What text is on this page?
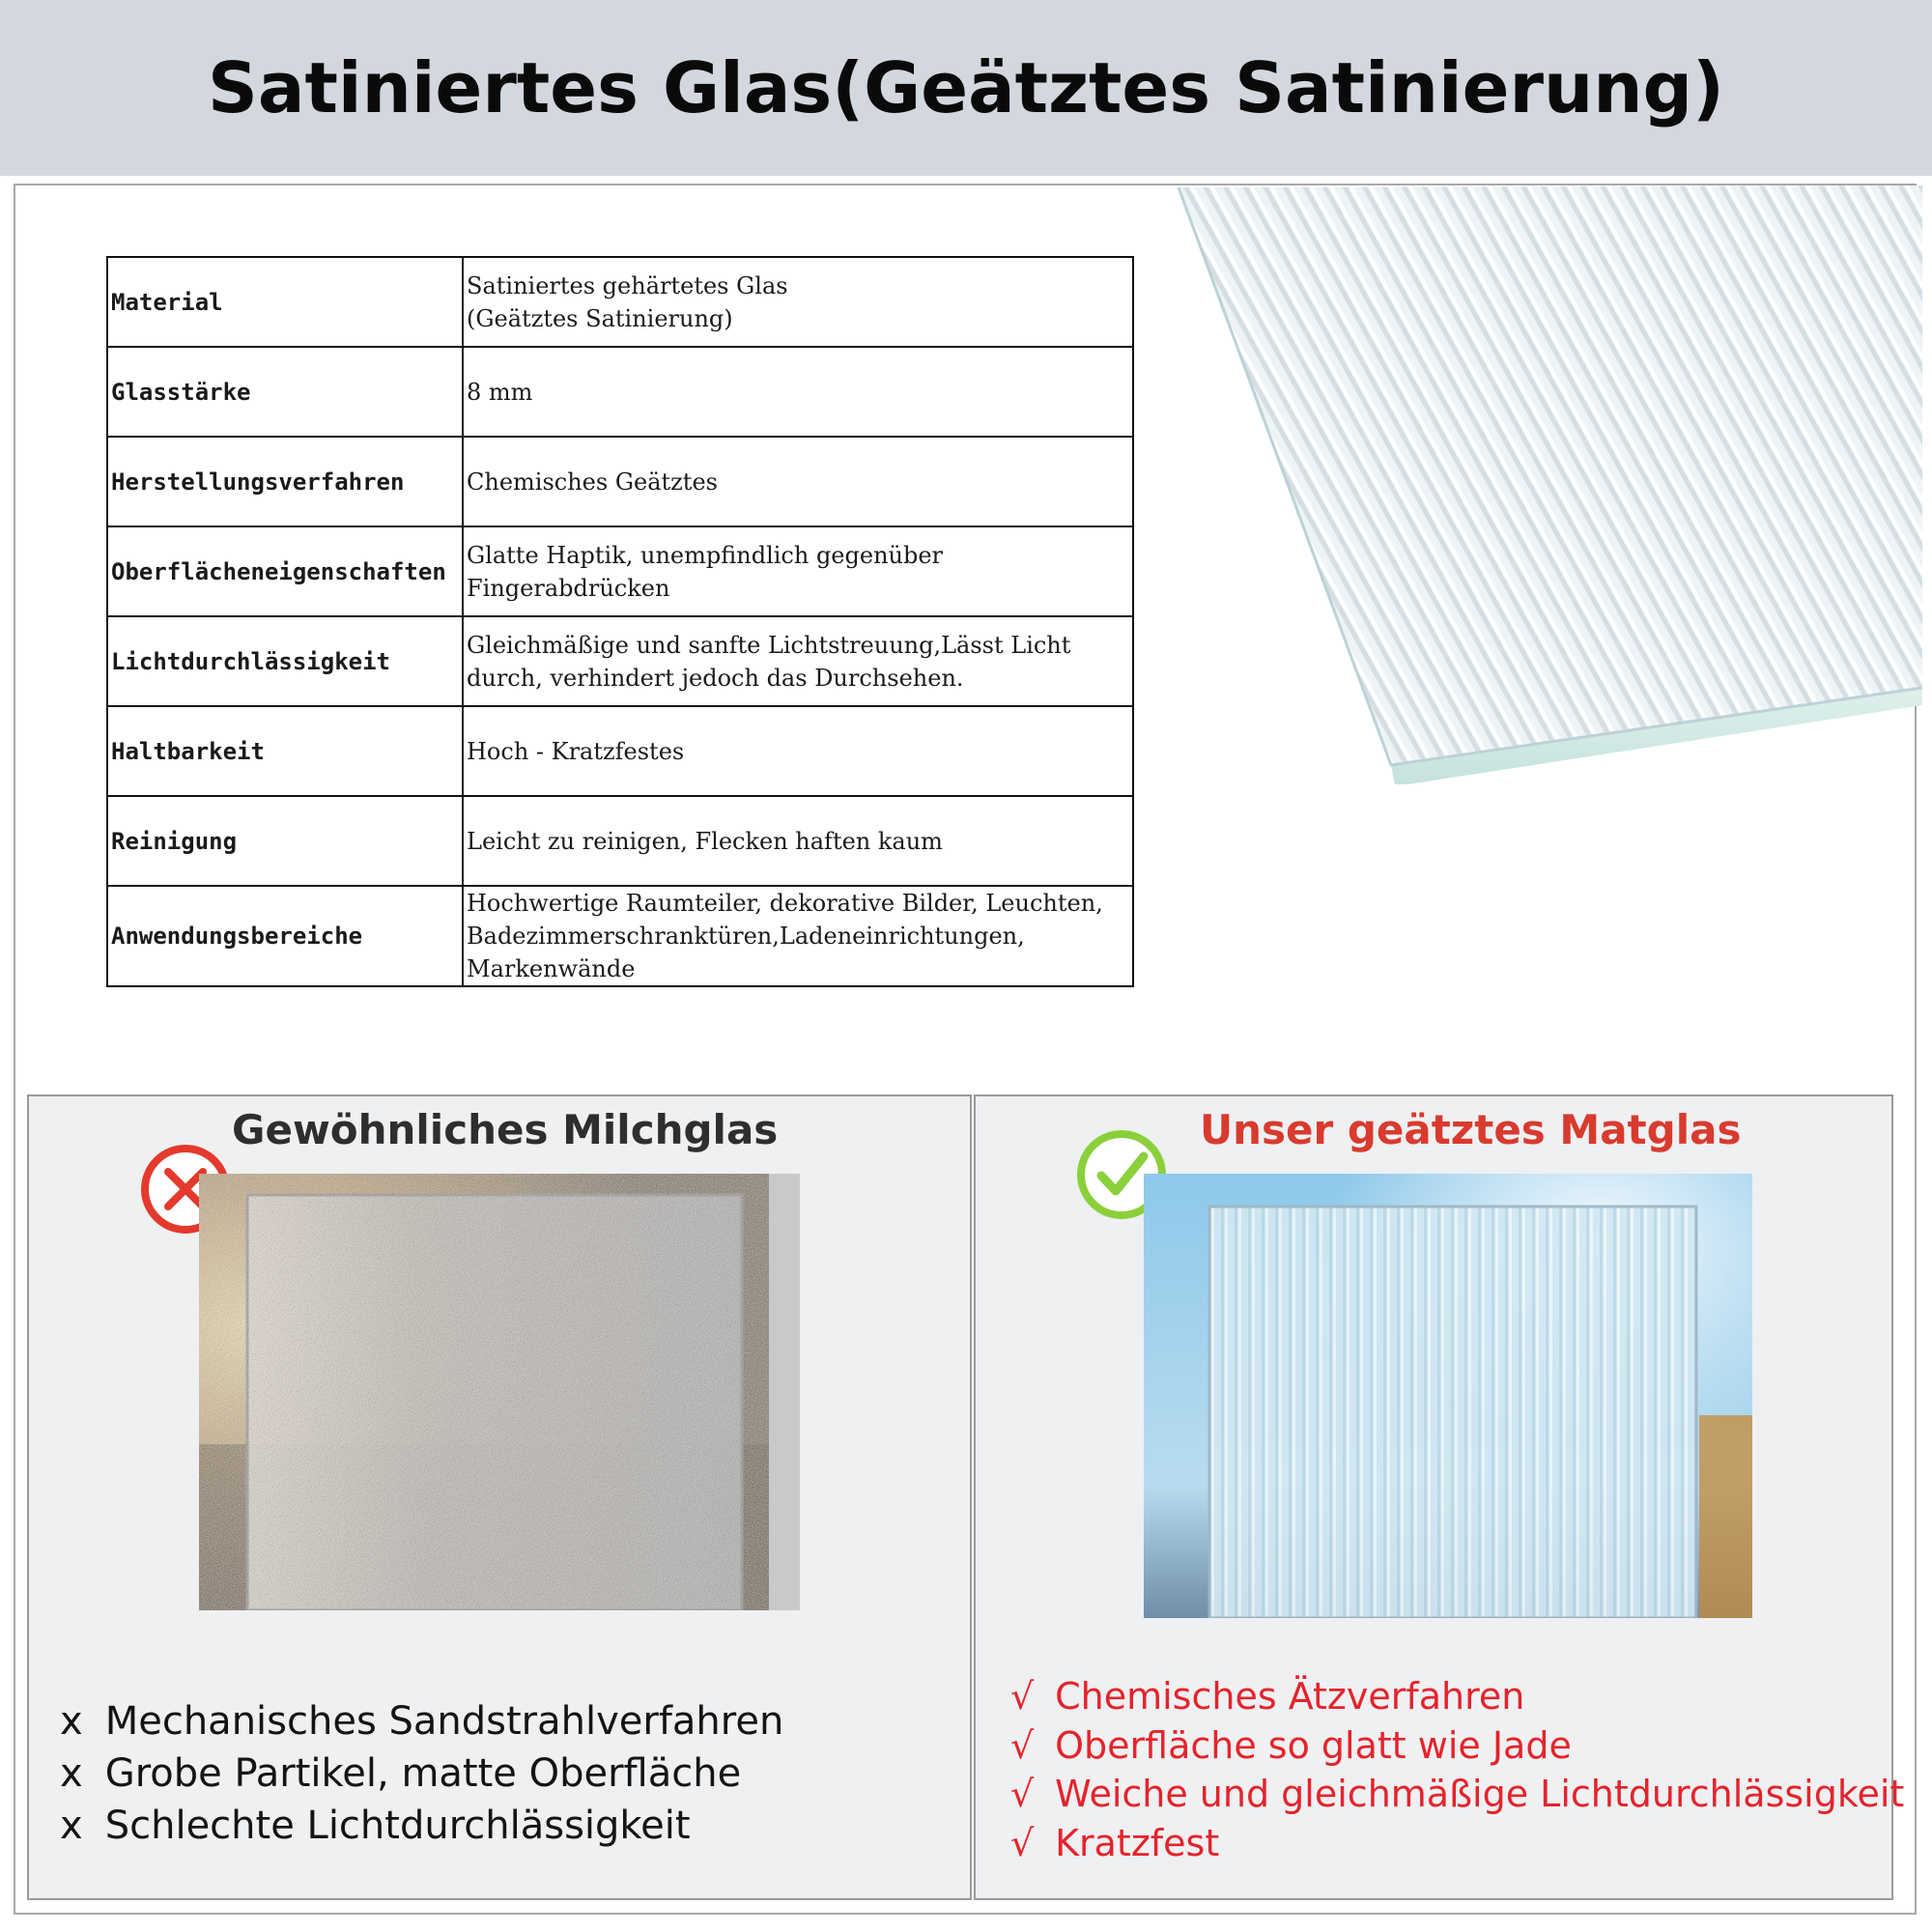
Satiniertes Glas(Geätztes Satinierung)
Material	Satiniertes gehärtetes Glas
(Geätztes Satinierung)
Glasstärke	8 mm
Herstellungsverfahren	Chemisches Geätztes
Oberflächeneigenschaften	Glatte Haptik, unempfindlich gegenüber Fingerabdrücken
Lichtdurchlässigkeit	Gleichmäßige und sanfte Lichtstreuung,Lässt Licht
durch, verhindert jedoch das Durchsehen.
Haltbarkeit	Hoch - Kratzfestes
Reinigung	Leicht zu reinigen, Flecken haften kaum
Anwendungsbereiche	Hochwertige Raumteiler, dekorative Bilder, Leuchten,
Badezimmerschranktüren,Ladeneinrichtungen, Markenwände
Gewöhnliches Milchglas
x Mechanisches Sandstrahlverfahren
x Grobe Partikel, matte Oberfläche
x Schlechte Lichtdurchlässigkeit
Unser geätztes Matglas
√ Chemisches Ätzverfahren
√ Oberfläche so glatt wie Jade
√ Weiche und gleichmäßige Lichtdurchlässigkeit
√ Kratzfest
